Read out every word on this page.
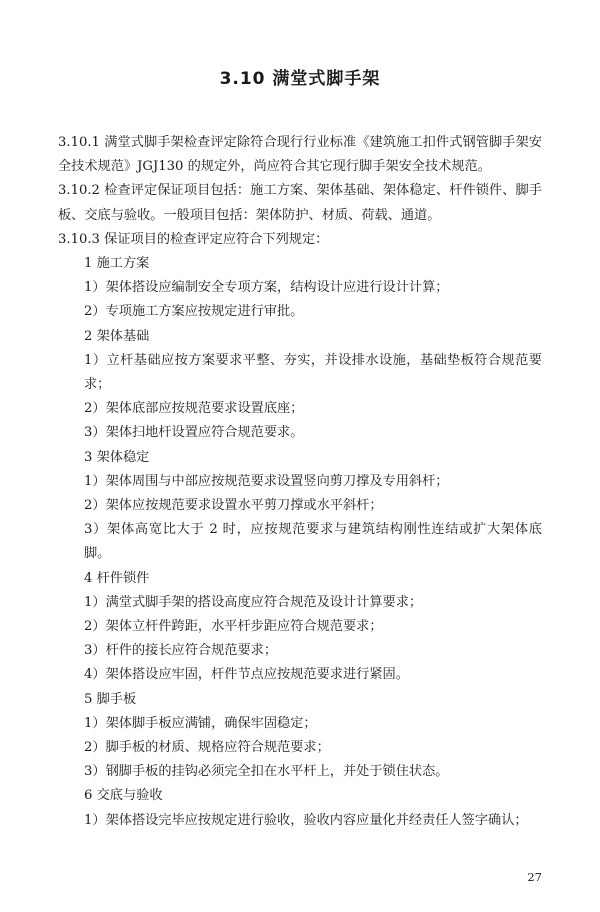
3.10 满堂式脚手架

3.10.1 满堂式脚手架检查评定除符合现行行业标准《建筑施工扣件式钢管脚手架安全技术规范》JGJ130 的规定外，尚应符合其它现行脚手架安全技术规范。

3.10.2 检查评定保证项目包括：施工方案、架体基础、架体稳定、杆件锁件、脚手板、交底与验收。一般项目包括：架体防护、材质、荷载、通道。

3.10.3 保证项目的检查评定应符合下列规定：

1 施工方案

1）架体搭设应编制安全专项方案，结构设计应进行设计计算；

2）专项施工方案应按规定进行审批。

2 架体基础

1）立杆基础应按方案要求平整、夯实，并设排水设施，基础垫板符合规范要求；

2）架体底部应按规范要求设置底座；

3）架体扫地杆设置应符合规范要求。

3 架体稳定

1）架体周围与中部应按规范要求设置竖向剪刀撑及专用斜杆；

2）架体应按规范要求设置水平剪刀撑或水平斜杆；

3）架体高宽比大于 2 时，应按规范要求与建筑结构刚性连结或扩大架体底脚。

4 杆件锁件

1）满堂式脚手架的搭设高度应符合规范及设计计算要求；

2）架体立杆件跨距，水平杆步距应符合规范要求；

3）杆件的接长应符合规范要求；

4）架体搭设应牢固，杆件节点应按规范要求进行紧固。

5 脚手板

1）架体脚手板应满铺，确保牢固稳定；

2）脚手板的材质、规格应符合规范要求；

3）钢脚手板的挂钩必须完全扣在水平杆上，并处于锁住状态。

6 交底与验收

1）架体搭设完毕应按规定进行验收，验收内容应量化并经责任人签字确认；

27
